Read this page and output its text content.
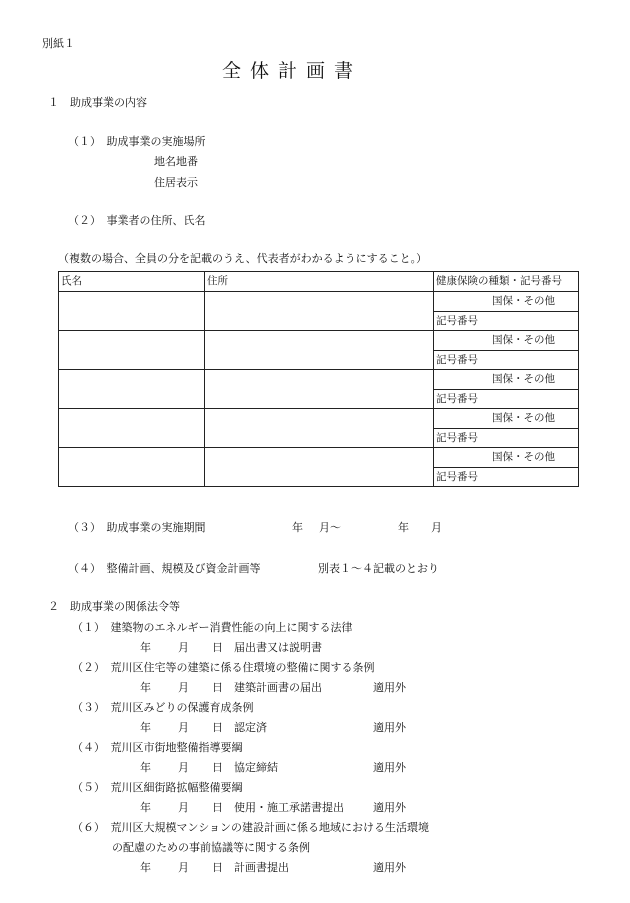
別紙１
全体計画書
１　助成事業の内容
（１）　助成事業の実施場所
地名地番
住居表示
（２）　事業者の住所、氏名
（複数の場合、全員の分を記載のうえ、代表者がわかるようにすること。）
氏名	住所	健康保険の種類・記号番号
		国保・その他
		記号番号
		国保・その他
		記号番号
		国保・その他
		記号番号
		国保・その他
		記号番号
		国保・その他
		記号番号
（３）　助成事業の実施期間	年 月〜	年 月
（４）　整備計画、規模及び資金計画等	別表１〜４記載のとおり
２　助成事業の関係法令等
（１）　建築物のエネルギー消費性能の向上に関する法律
年 月 日 届出書又は説明書
（２）　荒川区住宅等の建築に係る住環境の整備に関する条例
年 月 日 建築計画書の届出	適用外
（３）　荒川区みどりの保護育成条例
年 月 日 認定済	適用外
（４）　荒川区市街地整備指導要綱
年 月 日 協定締結	適用外
（５）　荒川区細街路拡幅整備要綱
年 月 日 使用・施工承諾書提出	適用外
（６）　荒川区大規模マンションの建設計画に係る地域における生活環境
の配慮のための事前協議等に関する条例
年 月 日 計画書提出	適用外
